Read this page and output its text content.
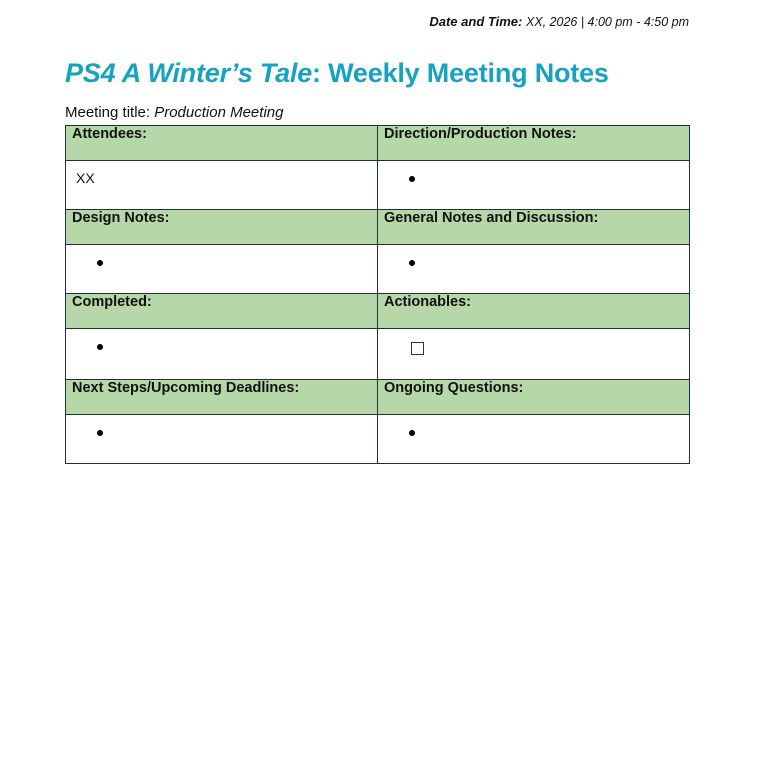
Date and Time: XX, 2026 | 4:00 pm - 4:50 pm
PS4 A Winter’s Tale: Weekly Meeting Notes
Meeting title: Production Meeting
Attendees:	Direction/Production Notes:
XX	
Design Notes:	General Notes and Discussion:

Completed:	Actionables:

Next Steps/Upcoming Deadlines:	Ongoing Questions:
